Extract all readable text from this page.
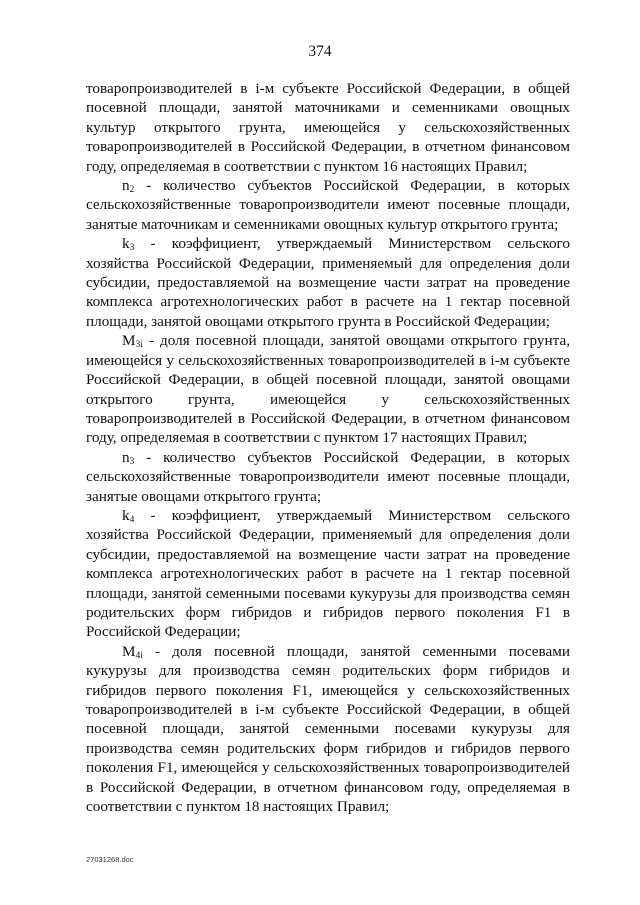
374

товаропроизводителей в i-м субъекте Российской Федерации, в общей посевной площади, занятой маточниками и семенниками овощных культур открытого грунта, имеющейся у сельскохозяйственных товаропроизводителей в Российской Федерации, в отчетном финансовом году, определяемая в соответствии с пунктом 16 настоящих Правил;

$n_2$ - количество субъектов Российской Федерации, в которых сельскохозяйственные товаропроизводители имеют посевные площади, занятые маточникам и семенниками овощных культур открытого грунта;

$k_3$ - коэффициент, утверждаемый Министерством сельского хозяйства Российской Федерации, применяемый для определения доли субсидии, предоставляемой на возмещение части затрат на проведение комплекса агротехнологических работ в расчете на 1 гектар посевной площади, занятой овощами открытого грунта в Российской Федерации;

$M_{3i}$ - доля посевной площади, занятой овощами открытого грунта, имеющейся у сельскохозяйственных товаропроизводителей в i-м субъекте Российской Федерации, в общей посевной площади, занятой овощами открытого грунта, имеющейся у сельскохозяйственных товаропроизводителей в Российской Федерации, в отчетном финансовом году, определяемая в соответствии с пунктом 17 настоящих Правил;

$n_3$ - количество субъектов Российской Федерации, в которых сельскохозяйственные товаропроизводители имеют посевные площади, занятые овощами открытого грунта;

$k_4$ - коэффициент, утверждаемый Министерством сельского хозяйства Российской Федерации, применяемый для определения доли субсидии, предоставляемой на возмещение части затрат на проведение комплекса агротехнологических работ в расчете на 1 гектар посевной площади, занятой семенными посевами кукурузы для производства семян родительских форм гибридов и гибридов первого поколения F1 в Российской Федерации;

$M_{4i}$ - доля посевной площади, занятой семенными посевами кукурузы для производства семян родительских форм гибридов и гибридов первого поколения F1, имеющейся у сельскохозяйственных товаропроизводителей в i-м субъекте Российской Федерации, в общей посевной площади, занятой семенными посевами кукурузы для производства семян родительских форм гибридов и гибридов первого поколения F1, имеющейся у сельскохозяйственных товаропроизводителей в Российской Федерации, в отчетном финансовом году, определяемая в соответствии с пунктом 18 настоящих Правил;

27031268.doc
